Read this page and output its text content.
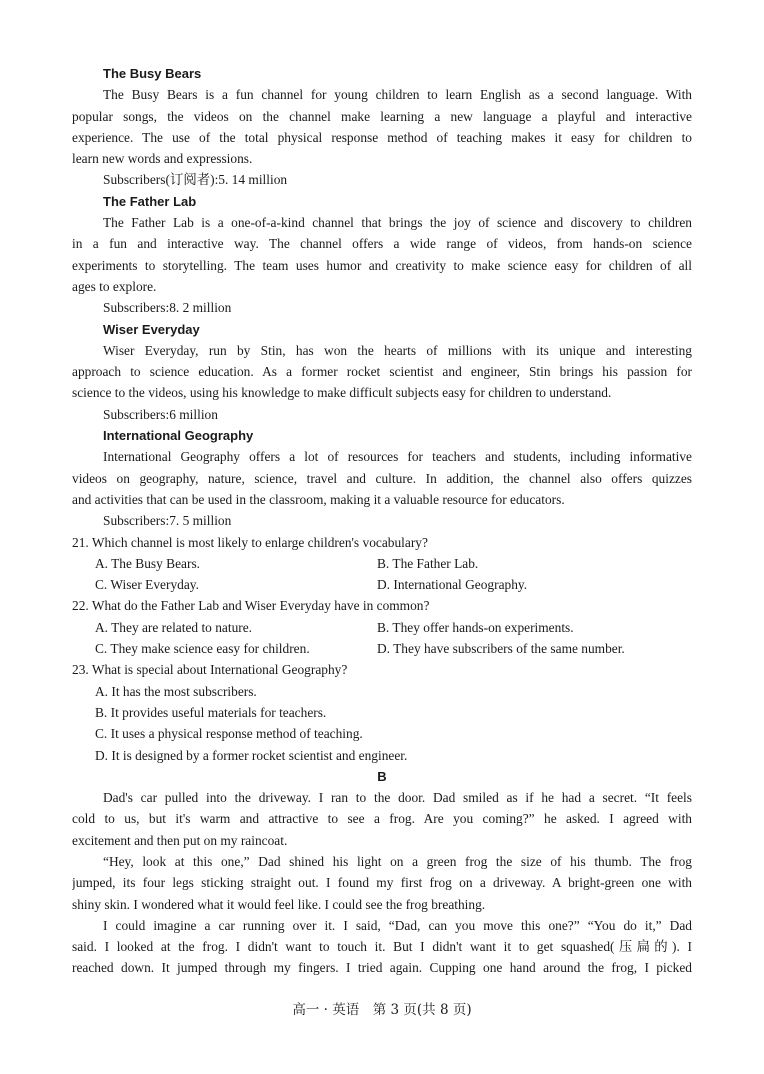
The Busy Bears
The Busy Bears is a fun channel for young children to learn English as a second language. With
popular songs, the videos on the channel make learning a new language a playful and interactive
experience. The use of the total physical response method of teaching makes it easy for children to
learn new words and expressions.
Subscribers(订阅者):5. 14 million
The Father Lab
The Father Lab is a one-of-a-kind channel that brings the joy of science and discovery to children
in a fun and interactive way. The channel offers a wide range of videos, from hands-on science
experiments to storytelling. The team uses humor and creativity to make science easy for children of all
ages to explore.
Subscribers:8. 2 million
Wiser Everyday
Wiser Everyday, run by Stin, has won the hearts of millions with its unique and interesting
approach to science education. As a former rocket scientist and engineer, Stin brings his passion for
science to the videos, using his knowledge to make difficult subjects easy for children to understand.
Subscribers:6 million
International Geography
International Geography offers a lot of resources for teachers and students, including informative
videos on geography, nature, science, travel and culture. In addition, the channel also offers quizzes
and activities that can be used in the classroom, making it a valuable resource for educators.
Subscribers:7. 5 million
21. Which channel is most likely to enlarge children's vocabulary?
A. The Busy Bears.	B. The Father Lab.
C. Wiser Everyday.	D. International Geography.
22. What do the Father Lab and Wiser Everyday have in common?
A. They are related to nature.	B. They offer hands-on experiments.
C. They make science easy for children.	D. They have subscribers of the same number.
23. What is special about International Geography?
A. It has the most subscribers.
B. It provides useful materials for teachers.
C. It uses a physical response method of teaching.
D. It is designed by a former rocket scientist and engineer.
B
Dad's car pulled into the driveway. I ran to the door. Dad smiled as if he had a secret. “It feels
cold to us, but it's warm and attractive to see a frog. Are you coming?” he asked. I agreed with
excitement and then put on my raincoat.
“Hey, look at this one,” Dad shined his light on a green frog the size of his thumb. The frog
jumped, its four legs sticking straight out. I found my first frog on a driveway. A bright-green one with
shiny skin. I wondered what it would feel like. I could see the frog breathing.
I could imagine a car running over it. I said, “Dad, can you move this one?” “You do it,” Dad
said. I looked at the frog. I didn't want to touch it. But I didn't want it to get squashed(压扁的). I
reached down. It jumped through my fingers. I tried again. Cupping one hand around the frog, I picked
高一 · 英语　第 3 页(共 8 页)
